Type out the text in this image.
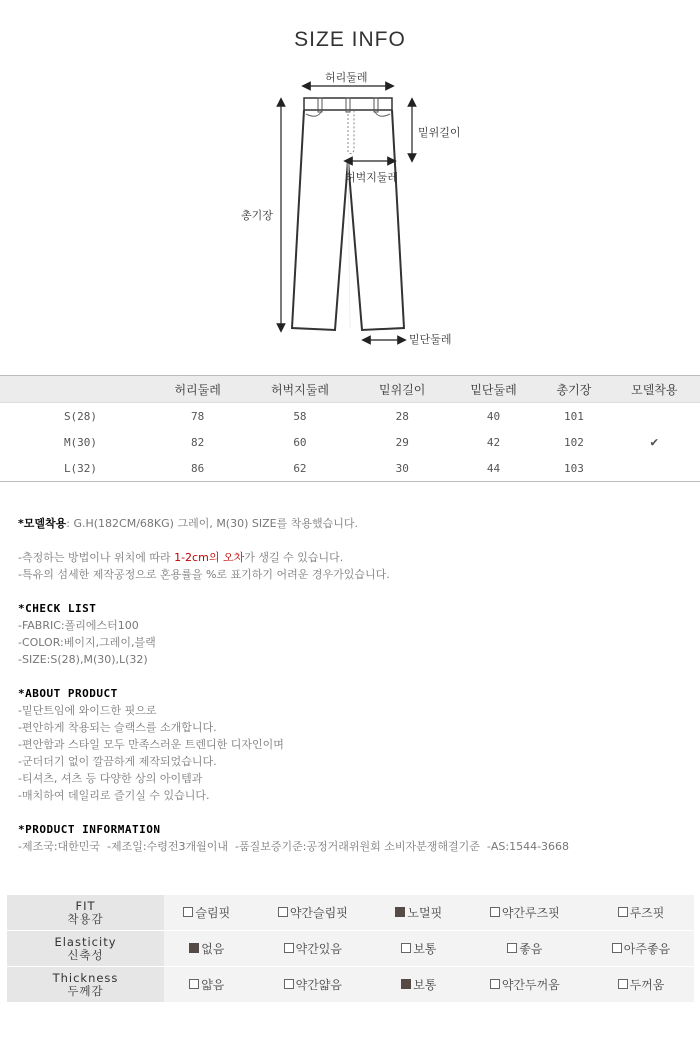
SIZE INFO
허리둘레
밑위길이
허벅지둘레
총기장
밑단둘레
	허리둘레	허벅지둘레	밑위길이	밑단둘레	총기장	모델착용
S(28)	78	58	28	40	101	
M(30)	82	60	29	42	102	✔
L(32)	86	62	30	44	103	
*모델착용: G.H(182CM/68KG) 그레이, M(30) SIZE를 착용했습니다.
-측정하는 방법이나 위치에 따라 1-2cm의 오차가 생길 수 있습니다.
-특유의 섬세한 제작공정으로 혼용률을 %로 표기하기 어려운 경우가있습니다.
*CHECK LIST
-FABRIC:폴리에스터100
-COLOR:베이지,그레이,블랙
-SIZE:S(28),M(30),L(32)
*ABOUT PRODUCT
-밑단트임에 와이드한 핏으로
-편안하게 착용되는 슬랙스를 소개합니다.
-편안함과 스타일 모두 만족스러운 트렌디한 디자인이며
-군더더기 없이 깔끔하게 제작되었습니다.
-티셔츠, 셔츠 등 다양한 상의 아이템과
-매치하여 데일리로 즐기실 수 있습니다.
*PRODUCT INFORMATION
-제조국:대한민국  -제조일:수령전3개월이내  -품질보증기준:공정거래위원회 소비자분쟁해결기준  -AS:1544-3668
FIT
착용감	슬림핏	약간슬림핏	노멀핏	약간루즈핏	루즈핏
Elasticity
신축성	없음	약간있음	보통	좋음	아주좋음
Thickness
두께감	얇음	약간얇음	보통	약간두꺼움	두꺼움
